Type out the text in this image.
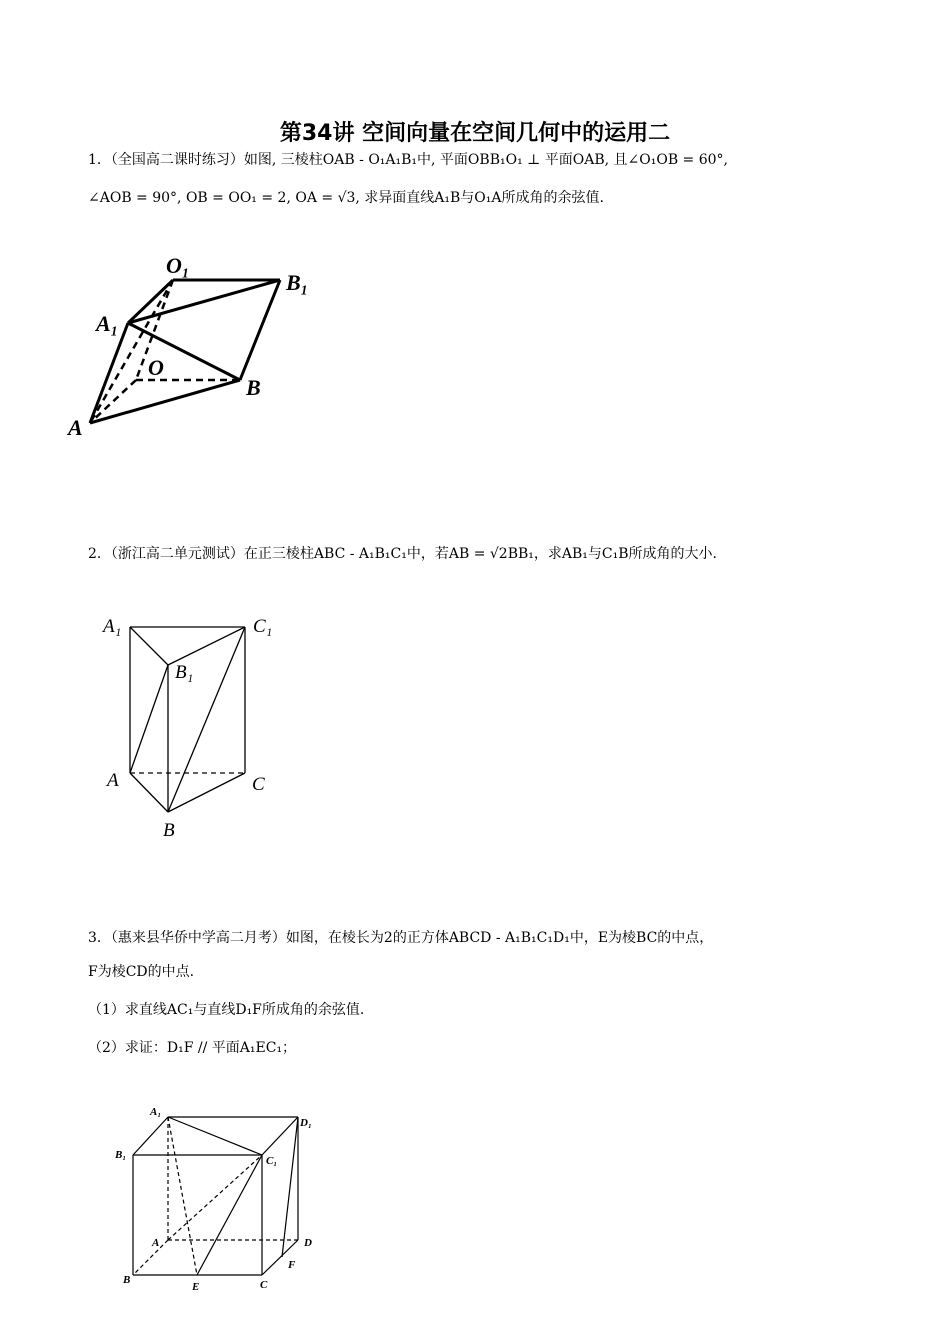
第34讲 空间向量在空间几何中的运用二
1．（全国高二课时练习）如图, 三棱柱OAB - O₁A₁B₁中, 平面OBB₁O₁ ⊥ 平面OAB, 且∠O₁OB = 60°,
∠AOB = 90°, OB = OO₁ = 2, OA = √3, 求异面直线A₁B与O₁A所成角的余弦值.
O₁
B₁
A₁
O
B
A
2．（浙江高二单元测试）在正三棱柱ABC - A₁B₁C₁中，若AB = √2BB₁，求AB₁与C₁B所成角的大小.
A₁	C₁
B₁
A	C
B
3．（惠来县华侨中学高二月考）如图，在棱长为2的正方体ABCD - A₁B₁C₁D₁中，E为棱BC的中点，
F为棱CD的中点.
（1）求直线AC₁与直线D₁F所成角的余弦值.
（2）求证：D₁F // 平面A₁EC₁；
A₁
D₁
B₁	C₁
A	D
F
B
E	C
